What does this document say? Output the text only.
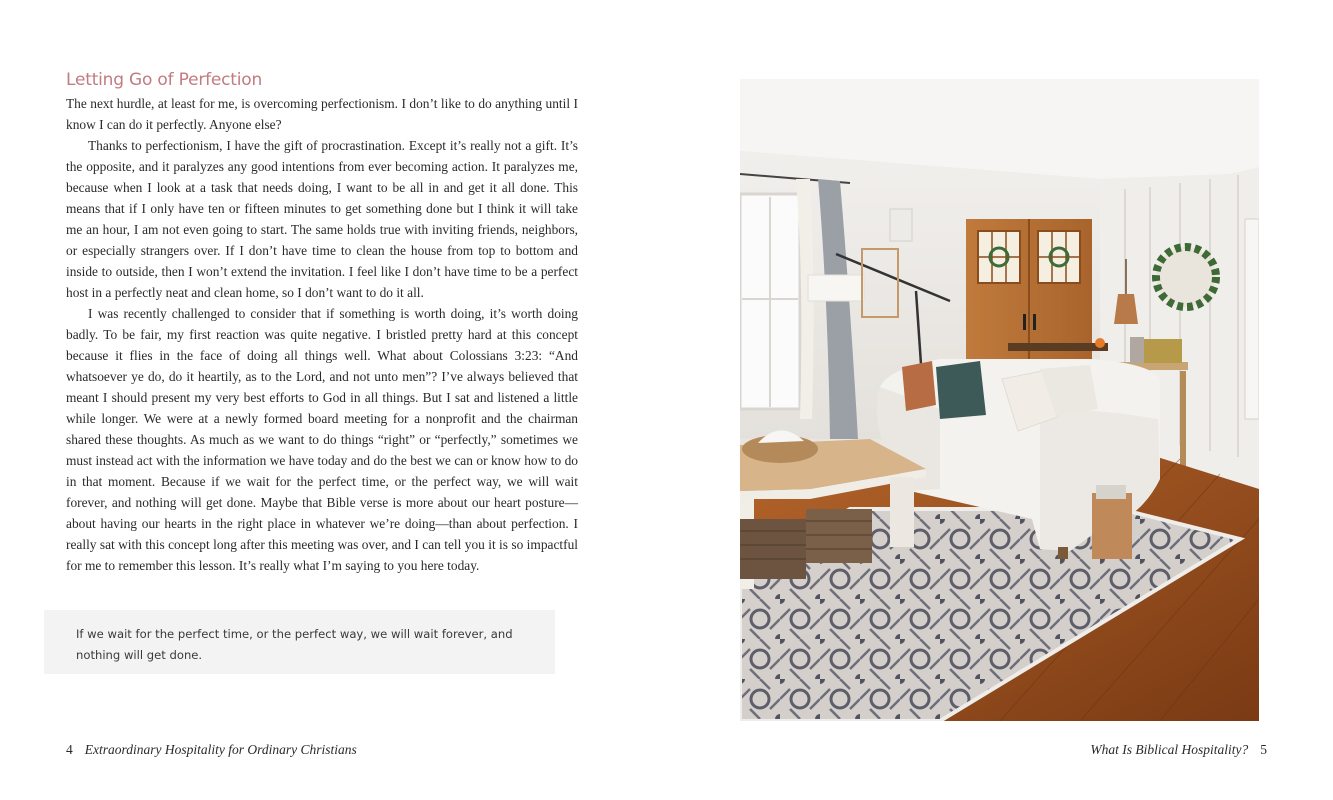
Letting Go of Perfection

The next hurdle, at least for me, is overcoming perfectionism. I don’t like to do anything until I know I can do it perfectly. Anyone else?

Thanks to perfectionism, I have the gift of procrastination. Except it’s really not a gift. It’s the opposite, and it paralyzes any good intentions from ever becoming action. It paralyzes me, because when I look at a task that needs doing, I want to be all in and get it all done. This means that if I only have ten or fifteen minutes to get something done but I think it will take me an hour, I am not even going to start. The same holds true with inviting friends, neighbors, or especially strangers over. If I don’t have time to clean the house from top to bottom and inside to outside, then I won’t extend the invitation. I feel like I don’t have time to be a perfect host in a perfectly neat and clean home, so I don’t want to do it all.

I was recently challenged to consider that if something is worth doing, it’s worth doing badly. To be fair, my first reaction was quite negative. I bristled pretty hard at this concept because it flies in the face of doing all things well. What about Colossians 3:23: “And whatsoever ye do, do it heartily, as to the Lord, and not unto men”? I’ve always believed that meant I should present my very best efforts to God in all things. But I sat and listened a little while longer. We were at a newly formed board meeting for a nonprofit and the chairman shared these thoughts. As much as we want to do things “right” or “perfectly,” sometimes we must instead act with the information we have today and do the best we can or know how to do in that moment. Because if we wait for the perfect time, or the perfect way, we will wait forever, and nothing will get done. Maybe that Bible verse is more about our heart posture—about having our hearts in the right place in whatever we’re doing—than about perfection. I really sat with this concept long after this meeting was over, and I can tell you it is so impactful for me to remember this lesson. It’s really what I’m saying to you here today.

If we wait for the perfect time, or the perfect way, we will wait forever, and nothing will get done.
4 Extraordinary Hospitality for Ordinary Christians	What Is Biblical Hospitality? 5
